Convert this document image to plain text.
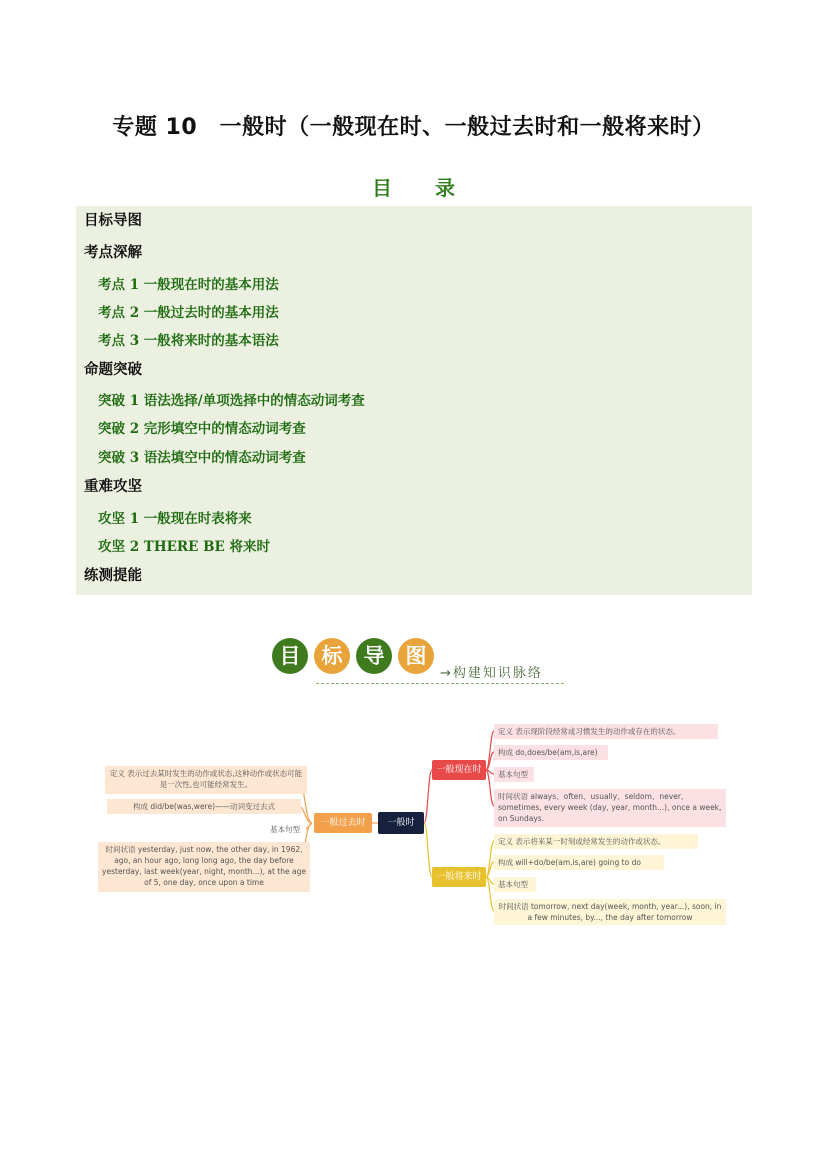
专题 10　一般时（一般现在时、一般过去时和一般将来时）
目 录
目标导图
考点深解
考点 1 一般现在时的基本用法
考点 2 一般过去时的基本用法
考点 3 一般将来时的基本语法
命题突破
突破 1 语法选择/单项选择中的情态动词考查
突破 2 完形填空中的情态动词考查
突破 3 语法填空中的情态动词考查
重难攻坚
攻坚 1 一般现在时表将来
攻坚 2 THERE BE 将来时
练测提能
目	标	导	图
→构建知识脉络
一般时
一般过去时
一般现在时
一般将来时
定义 表示过去某时发生的动作或状态,这种动作或状态可能是一次性,也可能经常发生。
构成 did/be(was,were)——动词变过去式
基本句型
时间状语 yesterday, just now, the other day, in 1962, ago, an hour ago, long long ago, the day before yesterday, last week(year, night, month...), at the age of 5, one day, once upon a time
定义 表示现阶段经常或习惯发生的动作或存在的状态。
构成 do,does/be(am,is,are)
基本句型
时间状语 always、often、usually、seldom、never、sometimes, every week (day, year, month...), once a week, on Sundays.
定义 表示将来某一时刻或经常发生的动作或状态。
构成 will+do/be(am,is,are) going to do
基本句型
时间状语 tomorrow, next day(week, month, year...), soon, in a few minutes, by..., the day after tomorrow
